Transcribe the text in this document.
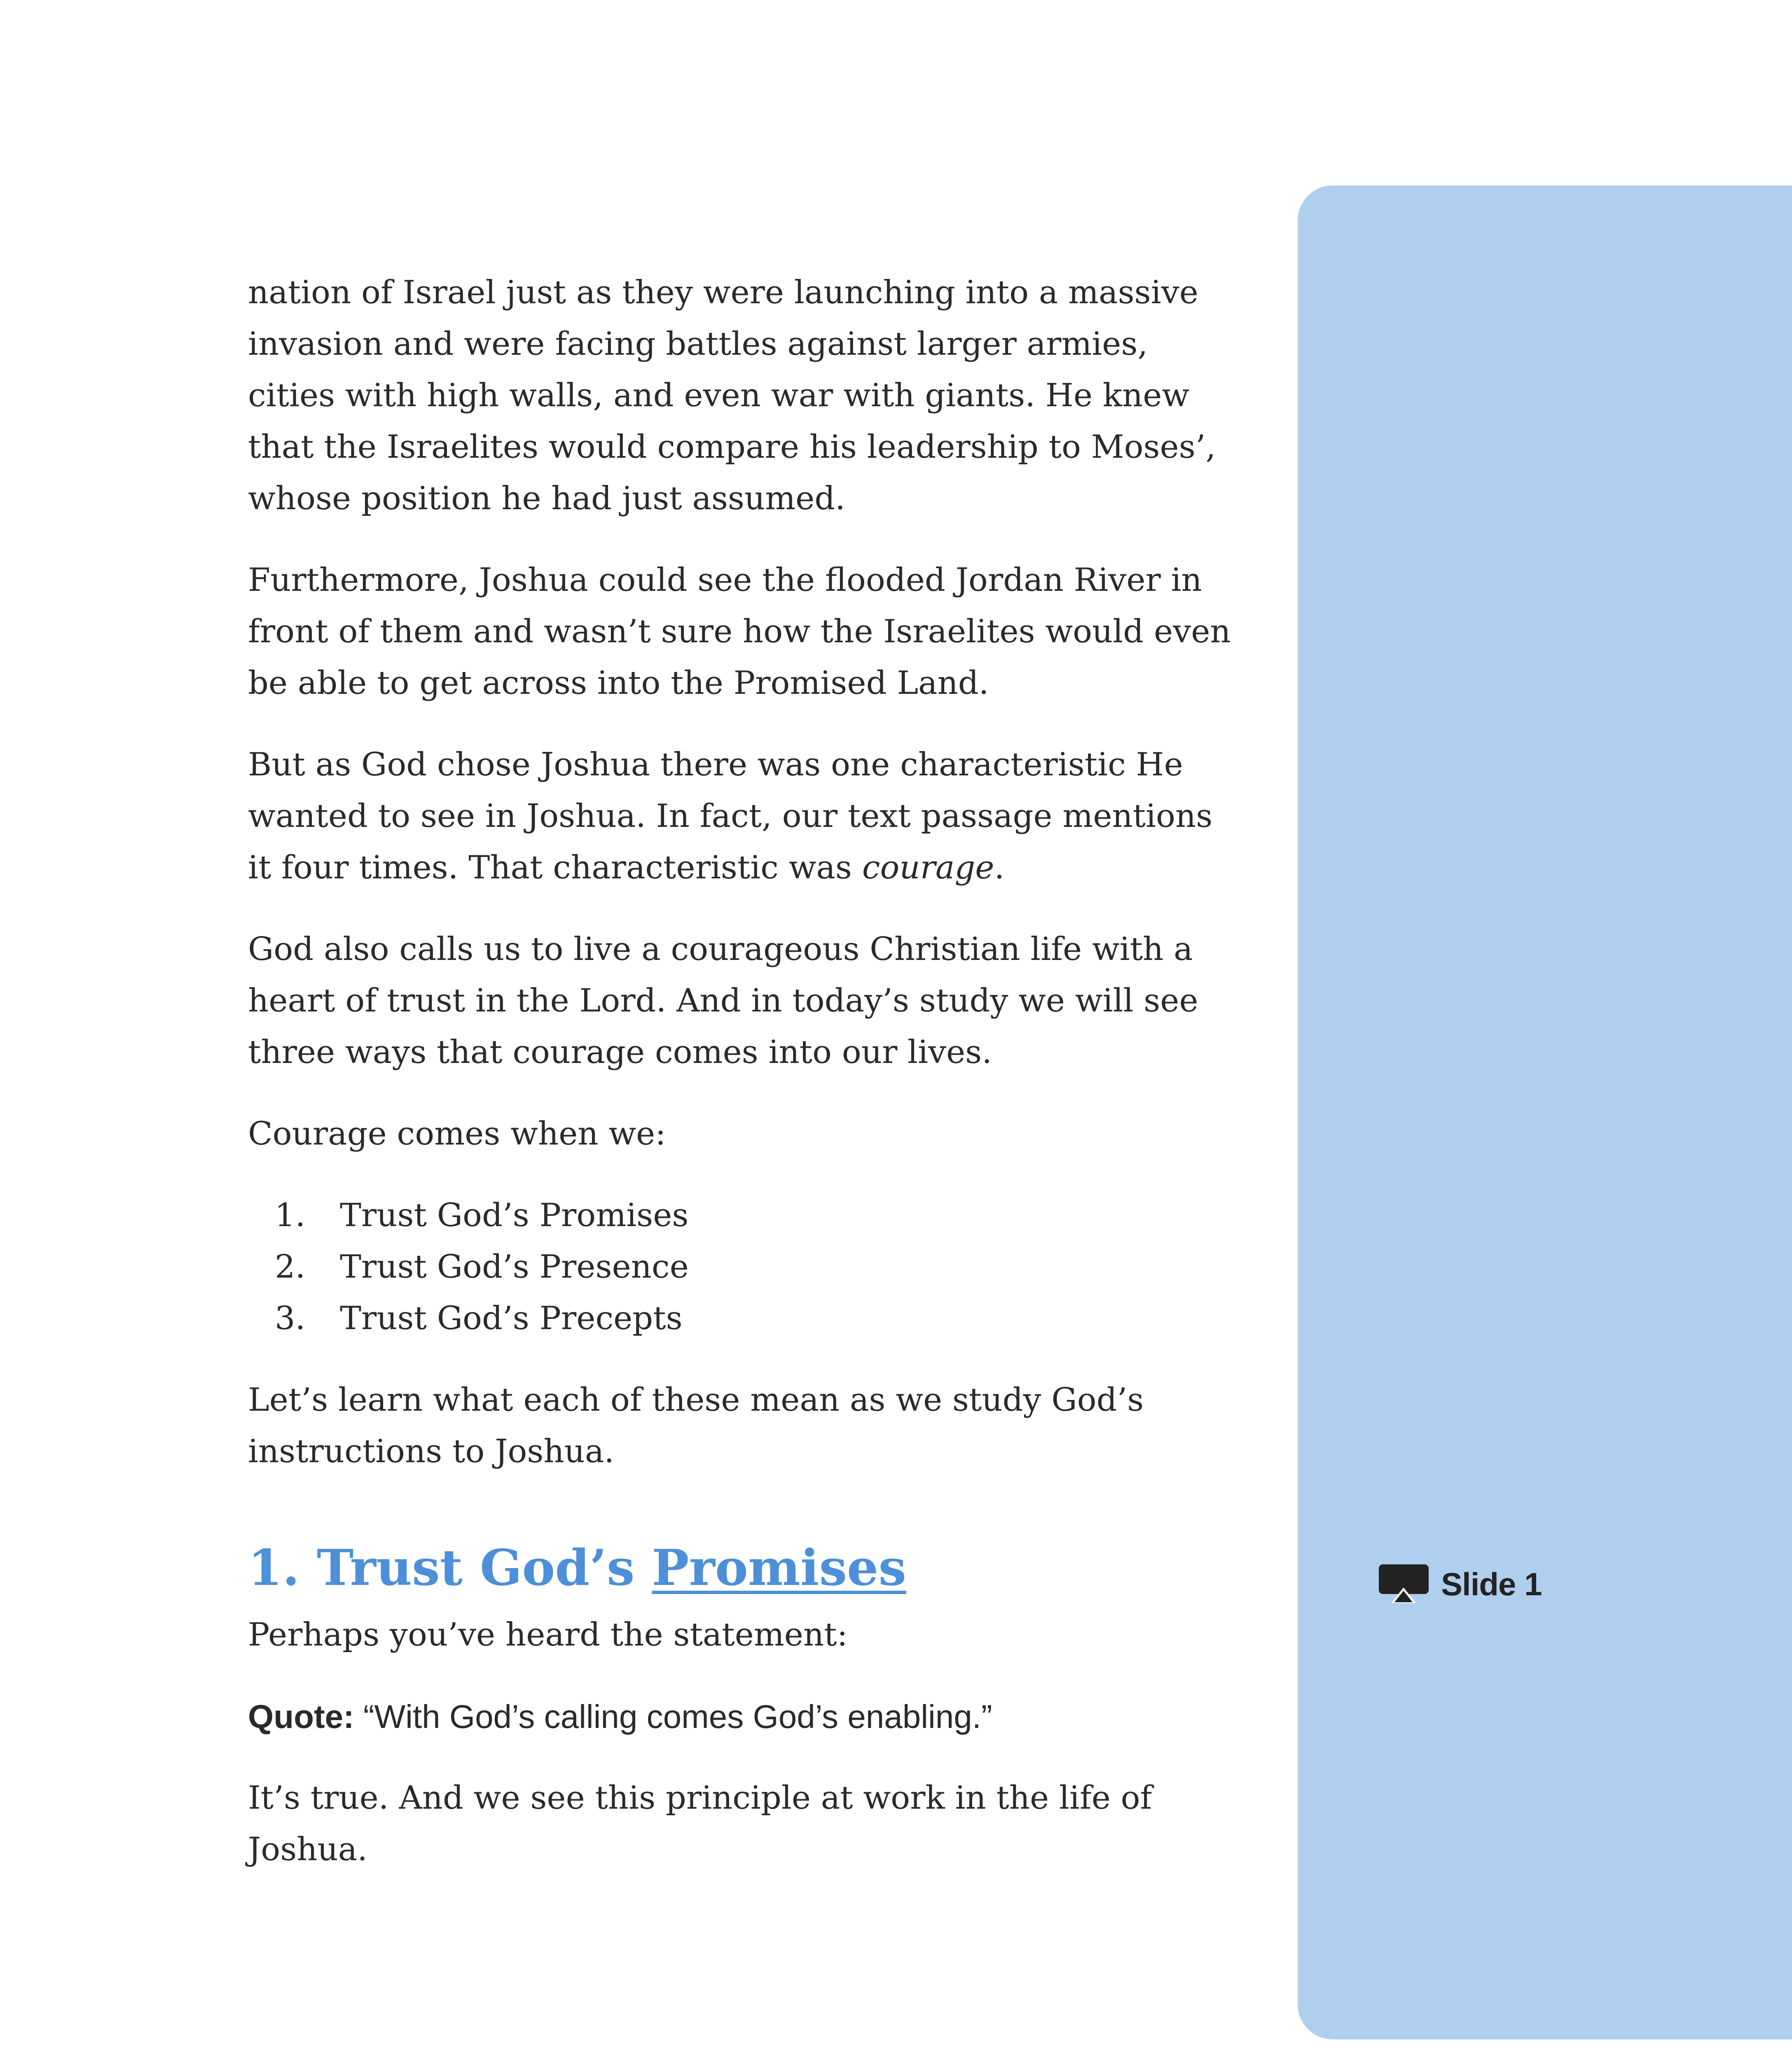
Slide 1

nation of Israel just as they were launching into a massive invasion and were facing battles against larger armies, cities with high walls, and even war with giants. He knew that the Israelites would compare his leadership to Moses’, whose position he had just assumed.

Furthermore, Joshua could see the flooded Jordan River in front of them and wasn’t sure how the Israelites would even be able to get across into the Promised Land.

But as God chose Joshua there was one characteristic He wanted to see in Joshua. In fact, our text passage mentions it four times. That characteristic was courage.

God also calls us to live a courageous Christian life with a heart of trust in the Lord. And in today’s study we will see three ways that courage comes into our lives.

Courage comes when we:

1.	Trust God’s Promises
2.	Trust God’s Presence
3.	Trust God’s Precepts

Let’s learn what each of these mean as we study God’s instructions to Joshua.

1. Trust God’s Promises

Perhaps you’ve heard the statement:

Quote: “With God’s calling comes God’s enabling.”

It’s true. And we see this principle at work in the life of Joshua.
